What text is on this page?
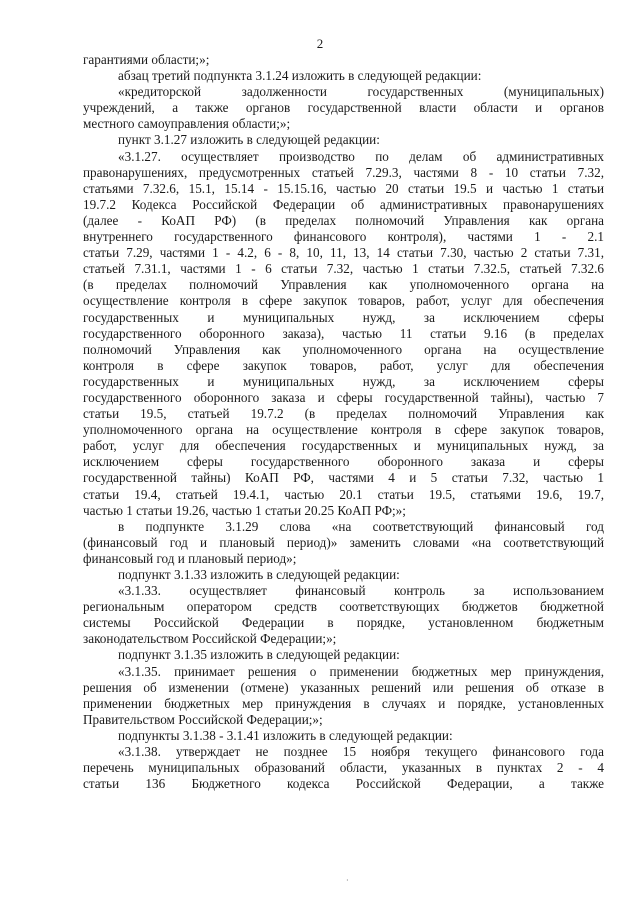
2
гарантиями области;»;
абзац третий подпункта 3.1.24 изложить в следующей редакции:
«кредиторской задолженности государственных (муниципальных)
учреждений, а также органов государственной власти области и органов
местного самоуправления области;»;
пункт 3.1.27 изложить в следующей редакции:
«3.1.27. осуществляет производство по делам об административных
правонарушениях, предусмотренных статьей 7.29.3, частями 8 - 10 статьи 7.32,
статьями 7.32.6, 15.1, 15.14 - 15.15.16, частью 20 статьи 19.5 и частью 1 статьи
19.7.2 Кодекса Российской Федерации об административных правонарушениях
(далее - КоАП РФ) (в пределах полномочий Управления как органа
внутреннего государственного финансового контроля), частями 1 - 2.1
статьи 7.29, частями 1 - 4.2, 6 - 8, 10, 11, 13, 14 статьи 7.30, частью 2 статьи 7.31,
статьей 7.31.1, частями 1 - 6 статьи 7.32, частью 1 статьи 7.32.5, статьей 7.32.6
(в пределах полномочий Управления как уполномоченного органа на
осуществление контроля в сфере закупок товаров, работ, услуг для обеспечения
государственных и муниципальных нужд, за исключением сферы
государственного оборонного заказа), частью 11 статьи 9.16 (в пределах
полномочий Управления как уполномоченного органа на осуществление
контроля в сфере закупок товаров, работ, услуг для обеспечения
государственных и муниципальных нужд, за исключением сферы
государственного оборонного заказа и сферы государственной тайны), частью 7
статьи 19.5, статьей 19.7.2 (в пределах полномочий Управления как
уполномоченного органа на осуществление контроля в сфере закупок товаров,
работ, услуг для обеспечения государственных и муниципальных нужд, за
исключением сферы государственного оборонного заказа и сферы
государственной тайны) КоАП РФ, частями 4 и 5 статьи 7.32, частью 1
статьи 19.4, статьей 19.4.1, частью 20.1 статьи 19.5, статьями 19.6, 19.7,
частью 1 статьи 19.26, частью 1 статьи 20.25 КоАП РФ;»;
в подпункте 3.1.29 слова «на соответствующий финансовый год
(финансовый год и плановый период)» заменить словами «на соответствующий
финансовый год и плановый период»;
подпункт 3.1.33 изложить в следующей редакции:
«3.1.33. осуществляет финансовый контроль за использованием
региональным оператором средств соответствующих бюджетов бюджетной
системы Российской Федерации в порядке, установленном бюджетным
законодательством Российской Федерации;»;
подпункт 3.1.35 изложить в следующей редакции:
«3.1.35. принимает решения о применении бюджетных мер принуждения,
решения об изменении (отмене) указанных решений или решения об отказе в
применении бюджетных мер принуждения в случаях и порядке, установленных
Правительством Российской Федерации;»;
подпункты 3.1.38 - 3.1.41 изложить в следующей редакции:
«3.1.38. утверждает не позднее 15 ноября текущего финансового года
перечень муниципальных образований области, указанных в пунктах 2 - 4
статьи 136 Бюджетного кодекса Российской Федерации, а также
·
